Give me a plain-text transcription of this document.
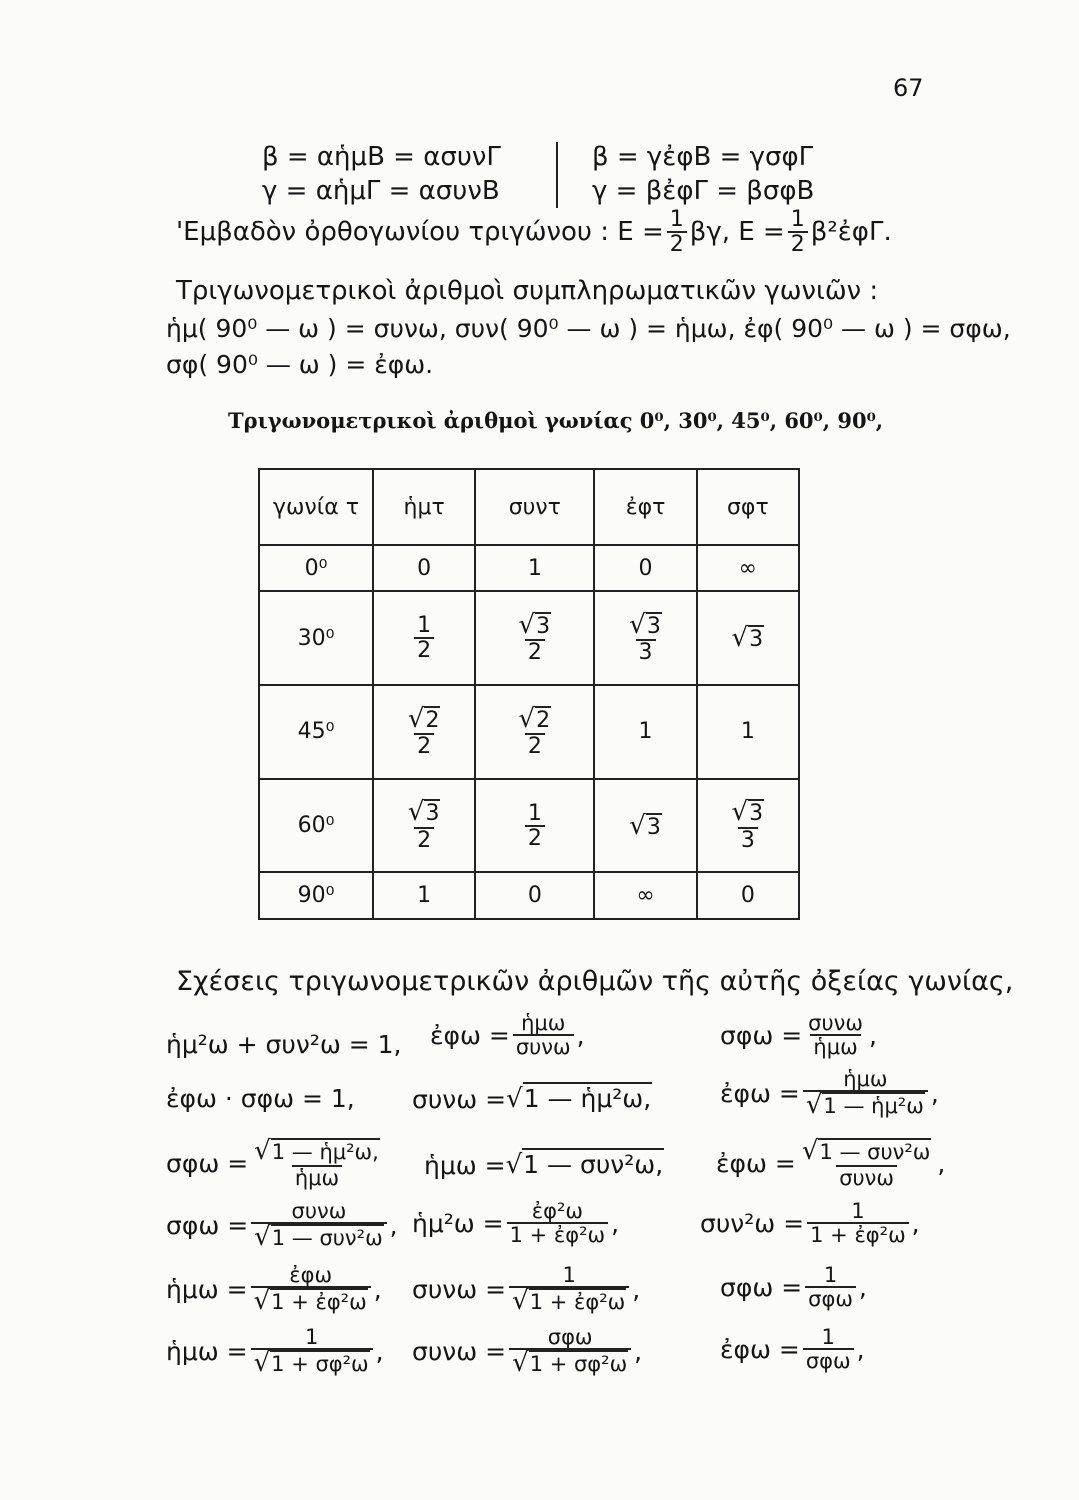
67
β = αἡμΒ = ασυνΓ
γ = αἡμΓ = ασυνΒ
β = γἐφΒ = γσφΓ
γ = βἐφΓ = βσφΒ
'Εμβαδὸν ὀρθογωνίου τριγώνου : $E = \frac{1}{2} \beta\gamma$, $E = \frac{1}{2}$ β²ἐφΓ.
Τριγωνομετρικοὶ ἀριθμοὶ συμπληρωματικῶν γωνιῶν :
ἡμ( 90⁰ — ω ) = συνω, συν( 90⁰ — ω ) = ἡμω, ἐφ( 90⁰ — ω ) = σφω,
σφ( 90⁰ — ω ) = ἐφω.
Τριγωνομετρικοὶ ἀριθμοὶ γωνίας 0⁰, 30⁰, 45⁰, 60⁰, 90⁰,
γωνία τ	ἡμτ	συντ	ἐφτ	σφτ
0⁰	0	1	0	∞
30⁰	$\frac{1}{2}$	$\frac{√3}{2}$	$\frac{√3}{3}$	√3
45⁰	$\frac{√2}{2}$	$\frac{√2}{2}$	1	1
60⁰	$\frac{√3}{2}$	$\frac{1}{2}$	√3	$\frac{√3}{3}$

90⁰	1	0	∞	0
Σχέσεις τριγωνομετρικῶν ἀριθμῶν τῆς αὐτῆς ὀξείας γωνίας,
ἡμ²ω + συν²ω = 1, ἐφω = $\frac{\text{ἡμω}}{\text{συνω}}$ ,	$\sigma\varphi\omega = \frac{\text{συνω}}{\text{ἡμω}}$ ,
ἐφω · σφω = 1, συνω = √1 — ἡμ²ω,	ἐφω = $\frac{\text{ἡμω}}{\text{√1 — ἡμ²ω}}$ ,
$\sigma\varphi\omega = \frac{\text{√1 — ἡμ²ω,}}{\text{ἡμω}}$ ἡμω = √1 — συν²ω, ἐφω = $\frac{\text{√1 — συν²ω}}{\text{συνω}}$ ,
$\sigma\varphi\omega = \frac{\text{συνω}}{\text{√1 — συν²ω}}$ , ἡμ²ω = $\frac{\text{ἐφ²ω}}{\text{1 + ἐφ²ω}}$ ,	$\sigma\upsilon\nu^2\omega = \frac{1}{\text{1 + ἐφ²ω}}$ ,
ἡμω = $\frac{\text{ἐφω}}{\text{√1 + ἐφ²ω}}$ , $\sigma\upsilon\nu\omega = \frac{1}{\text{√1 + ἐφ²ω}}$ ,	$\sigma\varphi\omega = \frac{1}{\text{σφω}}$ ,
ἡμω = $\frac{1}{\text{√1 + σφ²ω}}$ , $\sigma\upsilon\nu\omega = \frac{\text{σφω}}{\text{√1 + σφ²ω}}$ ,	ἐφω = $\frac{1}{\text{σφω}}$ ,
